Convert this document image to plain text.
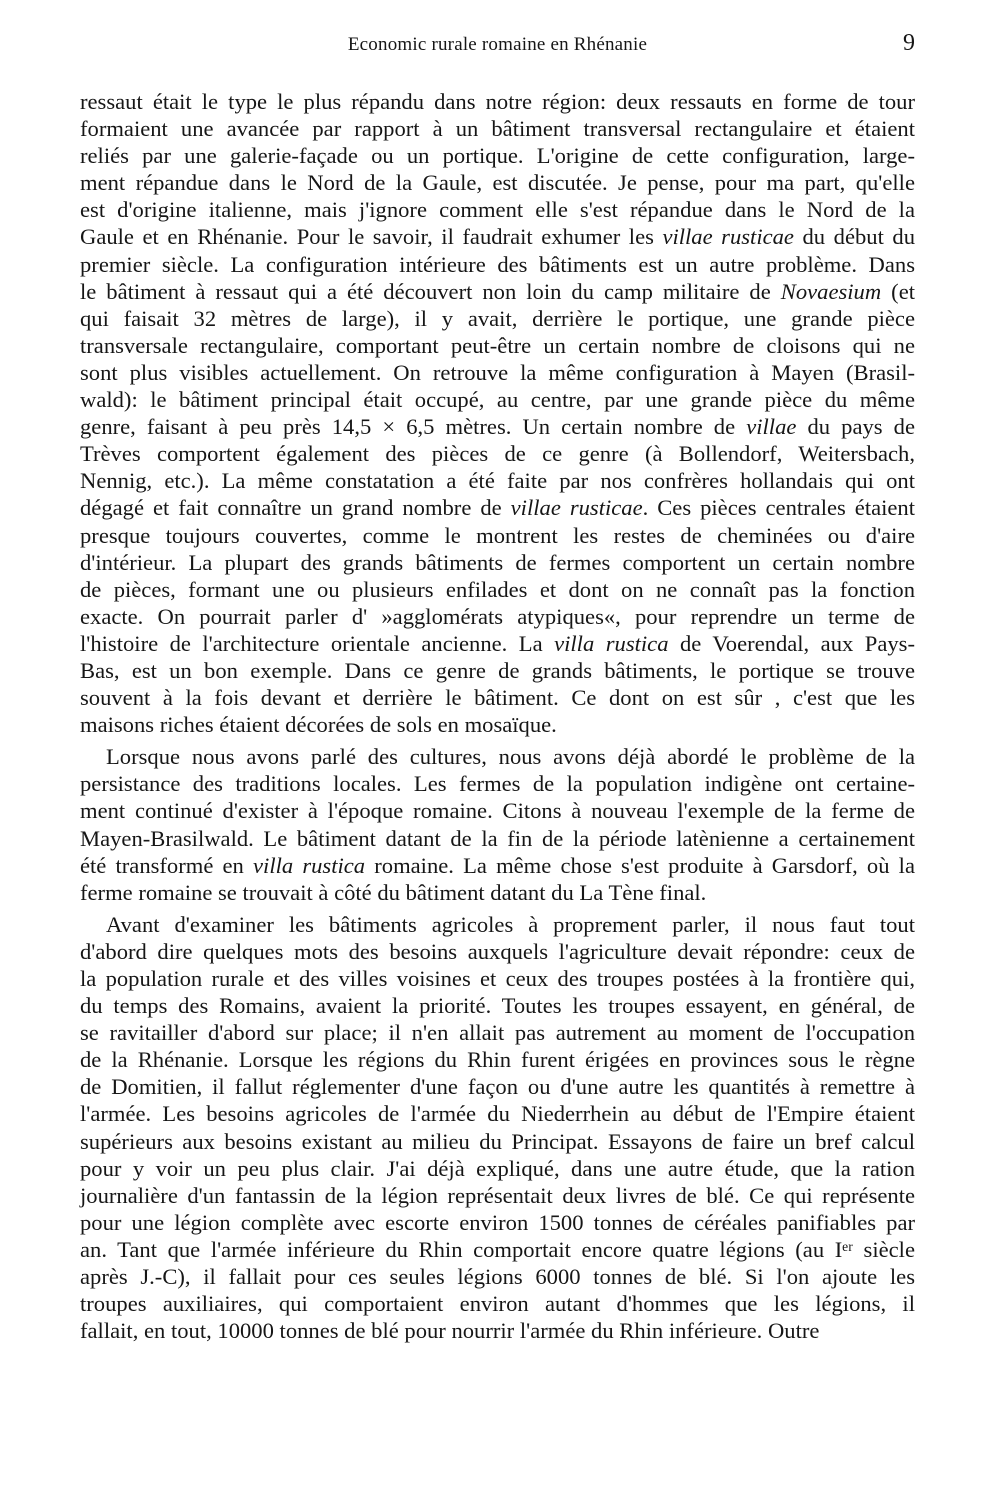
Economic rurale romaine en Rhénanie	9
ressaut était le type le plus répandu dans notre région: deux ressauts en forme de tour
formaient une avancée par rapport à un bâtiment transversal rectangulaire et étaient
reliés par une galerie-façade ou un portique. L'origine de cette configuration, large-
ment répandue dans le Nord de la Gaule, est discutée. Je pense, pour ma part, qu'elle
est d'origine italienne, mais j'ignore comment elle s'est répandue dans le Nord de la
Gaule et en Rhénanie. Pour le savoir, il faudrait exhumer les villae rusticae du début du
premier siècle. La configuration intérieure des bâtiments est un autre problème. Dans
le bâtiment à ressaut qui a été découvert non loin du camp militaire de Novaesium (et
qui faisait 32 mètres de large), il y avait, derrière le portique, une grande pièce
transversale rectangulaire, comportant peut-être un certain nombre de cloisons qui ne
sont plus visibles actuellement. On retrouve la même configuration à Mayen (Brasil-
wald): le bâtiment principal était occupé, au centre, par une grande pièce du même
genre, faisant à peu près 14,5 × 6,5 mètres. Un certain nombre de villae du pays de
Trèves comportent également des pièces de ce genre (à Bollendorf, Weitersbach,
Nennig, etc.). La même constatation a été faite par nos confrères hollandais qui ont
dégagé et fait connaître un grand nombre de villae rusticae. Ces pièces centrales étaient
presque toujours couvertes, comme le montrent les restes de cheminées ou d'aire
d'intérieur. La plupart des grands bâtiments de fermes comportent un certain nombre
de pièces, formant une ou plusieurs enfilades et dont on ne connaît pas la fonction
exacte. On pourrait parler d' »agglomérats atypiques«, pour reprendre un terme de
l'histoire de l'architecture orientale ancienne. La villa rustica de Voerendal, aux Pays-
Bas, est un bon exemple. Dans ce genre de grands bâtiments, le portique se trouve
souvent à la fois devant et derrière le bâtiment. Ce dont on est sûr , c'est que les
maisons riches étaient décorées de sols en mosaïque.
Lorsque nous avons parlé des cultures, nous avons déjà abordé le problème de la
persistance des traditions locales. Les fermes de la population indigène ont certaine-
ment continué d'exister à l'époque romaine. Citons à nouveau l'exemple de la ferme de
Mayen-Brasilwald. Le bâtiment datant de la fin de la période latènienne a certainement
été transformé en villa rustica romaine. La même chose s'est produite à Garsdorf, où la
ferme romaine se trouvait à côté du bâtiment datant du La Tène final.
Avant d'examiner les bâtiments agricoles à proprement parler, il nous faut tout
d'abord dire quelques mots des besoins auxquels l'agriculture devait répondre: ceux de
la population rurale et des villes voisines et ceux des troupes postées à la frontière qui,
du temps des Romains, avaient la priorité. Toutes les troupes essayent, en général, de
se ravitailler d'abord sur place; il n'en allait pas autrement au moment de l'occupation
de la Rhénanie. Lorsque les régions du Rhin furent érigées en provinces sous le règne
de Domitien, il fallut réglementer d'une façon ou d'une autre les quantités à remettre à
l'armée. Les besoins agricoles de l'armée du Niederrhein au début de l'Empire étaient
supérieurs aux besoins existant au milieu du Principat. Essayons de faire un bref calcul
pour y voir un peu plus clair. J'ai déjà expliqué, dans une autre étude, que la ration
journalière d'un fantassin de la légion représentait deux livres de blé. Ce qui représente
pour une légion complète avec escorte environ 1500 tonnes de céréales panifiables par
an. Tant que l'armée inférieure du Rhin comportait encore quatre légions (au Iᵉʳ siècle
après J.-C), il fallait pour ces seules légions 6000 tonnes de blé. Si l'on ajoute les
troupes auxiliaires, qui comportaient environ autant d'hommes que les légions, il
fallait, en tout, 10000 tonnes de blé pour nourrir l'armée du Rhin inférieure. Outre
